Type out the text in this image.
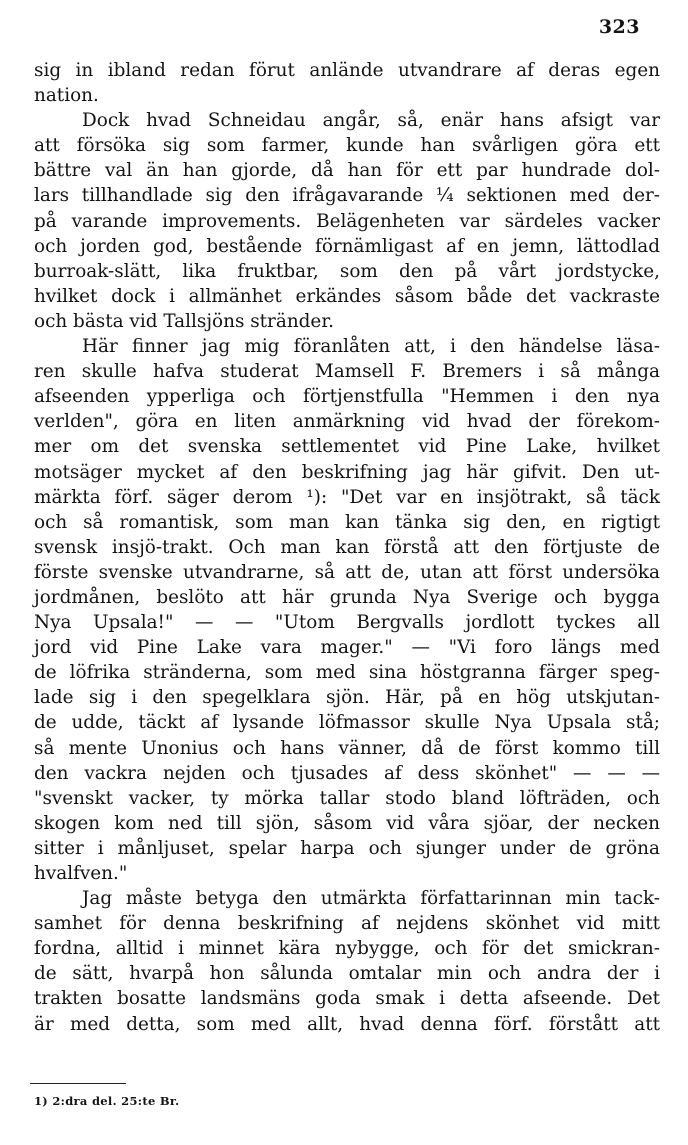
323
sig in ibland redan förut anlände utvandrare af deras egen
nation.
Dock hvad Schneidau angår, så, enär hans afsigt var
att försöka sig som farmer, kunde han svårligen göra ett
bättre val än han gjorde, då han för ett par hundrade dol-
lars tillhandlade sig den ifrågavarande ¼ sektionen med der-
på varande improvements. Belägenheten var särdeles vacker
och jorden god, bestående förnämligast af en jemn, lättodlad
burroak-slätt, lika fruktbar, som den på vårt jordstycke,
hvilket dock i allmänhet erkändes såsom både det vackraste
och bästa vid Tallsjöns stränder.
Här finner jag mig föranlåten att, i den händelse läsa-
ren skulle hafva studerat Mamsell F. Bremers i så många
afseenden ypperliga och förtjenstfulla "Hemmen i den nya
verlden", göra en liten anmärkning vid hvad der förekom-
mer om det svenska settlementet vid Pine Lake, hvilket
motsäger mycket af den beskrifning jag här gifvit. Den ut-
märkta förf. säger derom ¹): "Det var en insjötrakt, så täck
och så romantisk, som man kan tänka sig den, en rigtigt
svensk insjö-trakt. Och man kan förstå att den förtjuste de
förste svenske utvandrarne, så att de, utan att först undersöka
jordmånen, beslöto att här grunda Nya Sverige och bygga
Nya Upsala!" — — "Utom Bergvalls jordlott tyckes all
jord vid Pine Lake vara mager." — "Vi foro längs med
de löfrika stränderna, som med sina höstgranna färger speg-
lade sig i den spegelklara sjön. Här, på en hög utskjutan-
de udde, täckt af lysande löfmassor skulle Nya Upsala stå;
så mente Unonius och hans vänner, då de först kommo till
den vackra nejden och tjusades af dess skönhet" — — —
"svenskt vacker, ty mörka tallar stodo bland löfträden, och
skogen kom ned till sjön, såsom vid våra sjöar, der necken
sitter i månljuset, spelar harpa och sjunger under de gröna
hvalfven."
Jag måste betyga den utmärkta författarinnan min tack-
samhet för denna beskrifning af nejdens skönhet vid mitt
fordna, alltid i minnet kära nybygge, och för det smickran-
de sätt, hvarpå hon sålunda omtalar min och andra der i
trakten bosatte landsmäns goda smak i detta afseende. Det
är med detta, som med allt, hvad denna förf. förstått att
1) 2:dra del. 25:te Br.
